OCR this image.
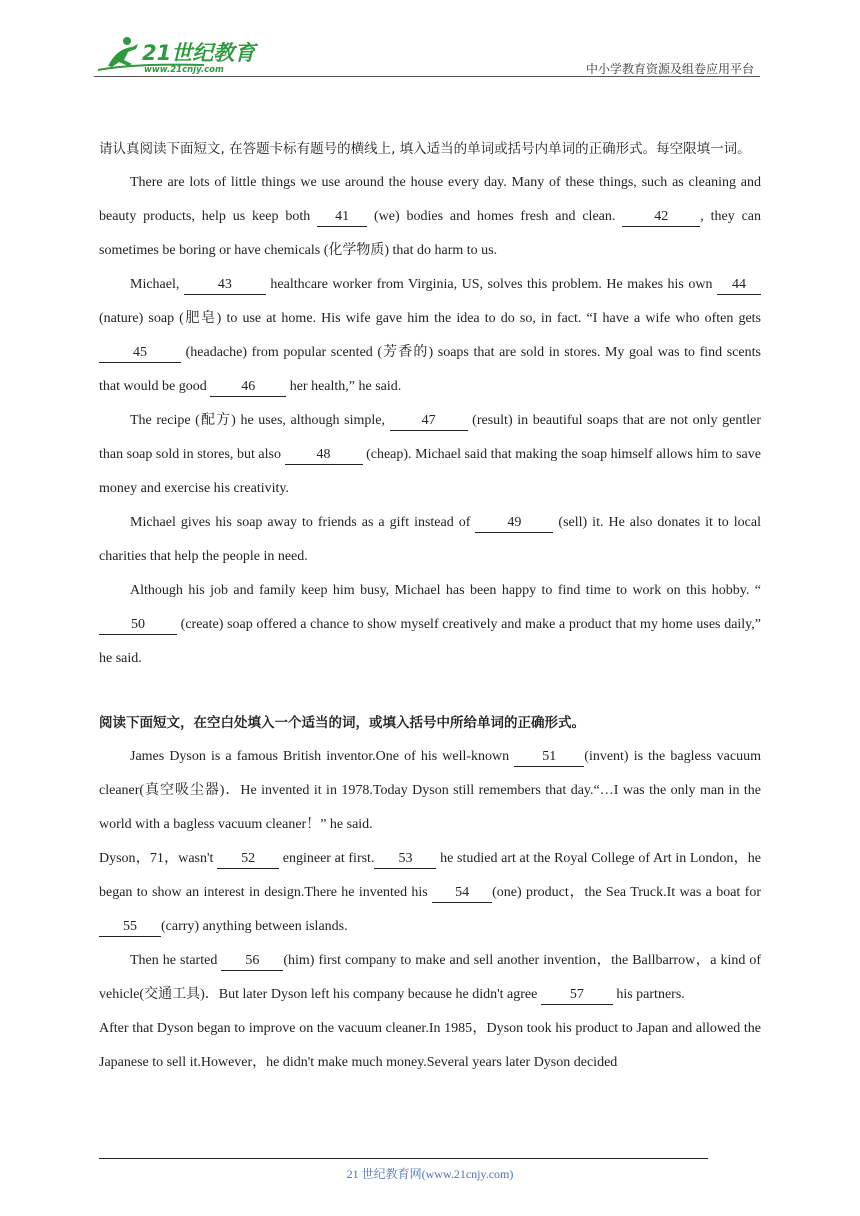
21世纪教育
www.21cnjy.com	中小学教育资源及组卷应用平台

请认真阅读下面短文, 在答题卡标有题号的横线上, 填入适当的单词或括号内单词的正确形式。每空限填一词。

There are lots of little things we use around the house every day. Many of these things, such as cleaning and beauty products, help us keep both 41 (we) bodies and homes fresh and clean. 42 , they can sometimes be boring or have chemicals (化学物质) that do harm to us.

Michael, 43 healthcare worker from Virginia, US, solves this problem. He makes his own 44 (nature) soap (肥皂) to use at home. His wife gave him the idea to do so, in fact. “I have a wife who often gets 45 (headache) from popular scented (芳香的) soaps that are sold in stores. My goal was to find scents that would be good 46 her health,” he said.

The recipe (配方) he uses, although simple, 47 (result) in beautiful soaps that are not only gentler than soap sold in stores, but also 48 (cheap). Michael said that making the soap himself allows him to save money and exercise his creativity.

Michael gives his soap away to friends as a gift instead of 49 (sell) it. He also donates it to local charities that help the people in need.

Although his job and family keep him busy, Michael has been happy to find time to work on this hobby. “50 (create) soap offered a chance to show myself creatively and make a product that my home uses daily,” he said.

阅读下面短文，在空白处填入一个适当的词，或填入括号中所给单词的正确形式。

James Dyson is a famous British inventor.One of his well-known 51 (invent) is the bagless vacuum cleaner(真空吸尘器)．He invented it in 1978.Today Dyson still remembers that day.“…I was the only man in the world with a bagless vacuum cleaner！” he said.

Dyson，71，wasn't 52 engineer at first. 53 he studied art at the Royal College of Art in London，he began to show an interest in design.There he invented his 54 (one) product，the Sea Truck.It was a boat for 55 (carry) anything between islands.

Then he started 56 (him) first company to make and sell another invention，the Ballbarrow，a kind of vehicle(交通工具)．But later Dyson left his company because he didn't agree 57 his partners.

After that Dyson began to improve on the vacuum cleaner.In 1985，Dyson took his product to Japan and allowed the Japanese to sell it.However，he didn't make much money.Several years later Dyson decided

21 世纪教育网(www.21cnjy.com)
